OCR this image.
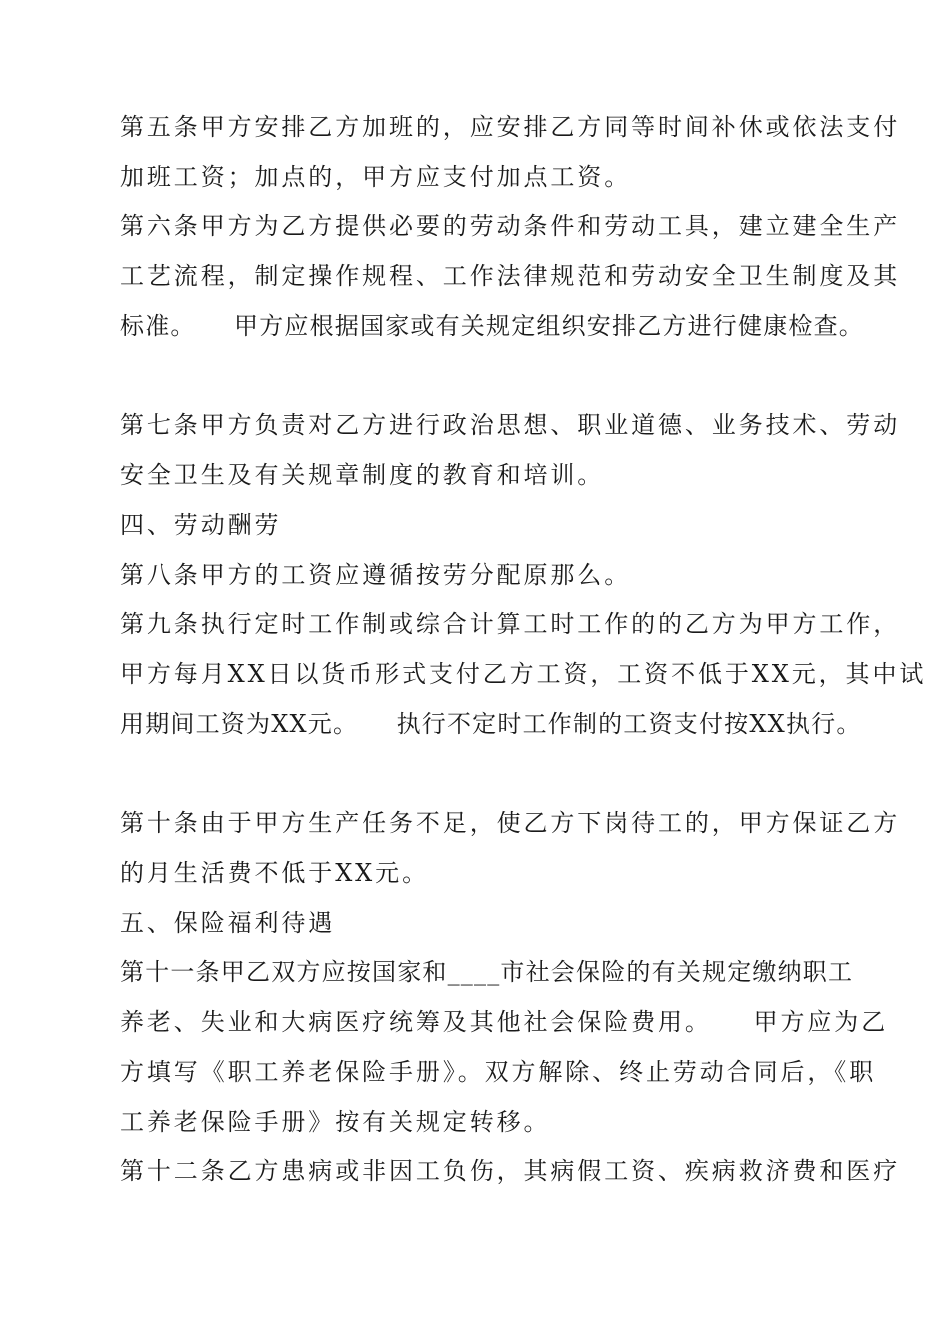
第五条甲方安排乙方加班的，应安排乙方同等时间补休或依法支付
加班工资；加点的，甲方应支付加点工资。
第六条甲方为乙方提供必要的劳动条件和劳动工具，建立建全生产
工艺流程，制定操作规程、工作法律规范和劳动安全卫生制度及其
标准。　　甲方应根据国家或有关规定组织安排乙方进行健康检查。
第七条甲方负责对乙方进行政治思想、职业道德、业务技术、劳动
安全卫生及有关规章制度的教育和培训。
四、劳动酬劳
第八条甲方的工资应遵循按劳分配原那么。
第九条执行定时工作制或综合计算工时工作的的乙方为甲方工作，
甲方每月XX日以货币形式支付乙方工资，工资不低于XX元，其中试
用期间工资为XX元。　　执行不定时工作制的工资支付按XX执行。
第十条由于甲方生产任务不足，使乙方下岗待工的，甲方保证乙方
的月生活费不低于XX元。
五、保险福利待遇
第十一条甲乙双方应按国家和____市社会保险的有关规定缴纳职工
养老、失业和大病医疗统筹及其他社会保险费用。　　甲方应为乙
方填写《职工养老保险手册》。双方解除、终止劳动合同后，《职
工养老保险手册》按有关规定转移。
第十二条乙方患病或非因工负伤，其病假工资、疾病救济费和医疗
